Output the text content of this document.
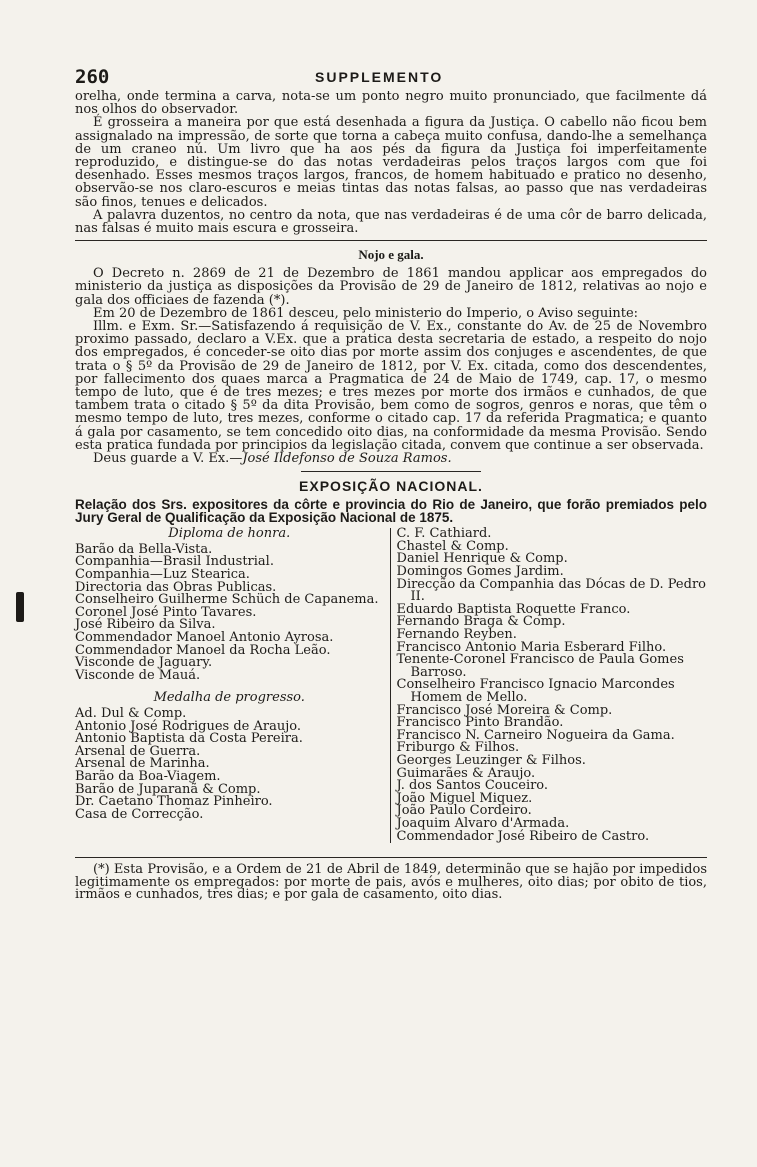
260	SUPPLEMENTO

orelha, onde termina a carva, nota-se um ponto negro muito pronunciado, que facilmente dá nos olhos do observador.

É grosseira a maneira por que está desenhada a figura da Justiça. O cabello não ficou bem assignalado na impressão, de sorte que torna a cabeça muito confusa, dando-lhe a semelhança de um craneo nú. Um livro que ha aos pés da figura da Justiça foi imperfeitamente reproduzido, e distingue-se do das notas verdadeiras pelos traços largos com que foi desenhado. Esses mesmos traços largos, francos, de homem habituado e pratico no desenho, observão-se nos claro-escuros e meias tintas das notas falsas, ao passo que nas verdadeiras são finos, tenues e delicados.

A palavra duzentos, no centro da nota, que nas verdadeiras é de uma côr de barro delicada, nas falsas é muito mais escura e grosseira.

Nojo e gala.

O Decreto n. 2869 de 21 de Dezembro de 1861 mandou applicar aos empregados do ministerio da justiça as disposições da Provisão de 29 de Janeiro de 1812, relativas ao nojo e gala dos officiaes de fazenda (*).

Em 20 de Dezembro de 1861 desceu, pelo ministerio do Imperio, o Aviso seguinte:

Illm. e Exm. Sr.—Satisfazendo á requisição de V. Ex., constante do Av. de 25 de Novembro proximo passado, declaro a V.Ex. que a pratica desta secretaria de estado, a respeito do nojo dos empregados, é conceder-se oito dias por morte assim dos conjuges e ascendentes, de que trata o § 5º da Provisão de 29 de Janeiro de 1812, por V. Ex. citada, como dos descendentes, por fallecimento dos quaes marca a Pragmatica de 24 de Maio de 1749, cap. 17, o mesmo tempo de luto, que é de tres mezes; e tres mezes por morte dos irmãos e cunhados, de que tambem trata o citado § 5º da dita Provisão, bem como de sogros, genros e noras, que têm o mesmo tempo de luto, tres mezes, conforme o citado cap. 17 da referida Pragmatica; e quanto á gala por casamento, se tem concedido oito dias, na conformidade da mesma Provisão. Sendo esta pratica fundada por principios da legislação citada, convem que continue a ser observada.

Deus guarde a V. Ex.—José Ildefonso de Souza Ramos.

EXPOSIÇÃO NACIONAL.
Relação dos Srs. expositores da côrte e provincia do Rio de Janeiro, que forão premiados pelo Jury Geral de Qualificação da Exposição Nacional de 1875.
Diploma de honra.
Barão da Bella-Vista.
Companhia—Brasil Industrial.
Companhia—Luz Stearica.
Directoria das Obras Publicas.
Conselheiro Guilherme Schüch de Capanema.
Coronel José Pinto Tavares.
José Ribeiro da Silva.
Commendador Manoel Antonio Ayrosa.
Commendador Manoel da Rocha Leão.
Visconde de Jaguary.
Visconde de Mauá.
Medalha de progresso.
Ad. Dul & Comp.
Antonio José Rodrigues de Araujo.
Antonio Baptista da Costa Pereira.
Arsenal de Guerra.
Arsenal de Marinha.
Barão da Boa-Viagem.
Barão de Juparanã & Comp.
Dr. Caetano Thomaz Pinheiro.
Casa de Correcção.
C. F. Cathiard.
Chastel & Comp.
Daniel Henrique & Comp.
Domingos Gomes Jardim.
Direcção da Companhia das Dócas de D. Pedro II.
Eduardo Baptista Roquette Franco.
Fernando Braga & Comp.
Fernando Reyben.
Francisco Antonio Maria Esberard Filho.
Tenente-Coronel Francisco de Paula Gomes Barroso.
Conselheiro Francisco Ignacio Marcondes Homem de Mello.
Francisco José Moreira & Comp.
Francisco Pinto Brandão.
Francisco N. Carneiro Nogueira da Gama.
Friburgo & Filhos.
Georges Leuzinger & Filhos.
Guimarães & Araujo.
J. dos Santos Couceiro.
João Miguel Miquez.
João Paulo Cordeiro.
Joaquim Alvaro d'Armada.
Commendador José Ribeiro de Castro.

(*) Esta Provisão, e a Ordem de 21 de Abril de 1849, determinão que se hajão por impedidos legitimamente os empregados: por morte de pais, avós e mulheres, oito dias; por obito de tios, irmãos e cunhados, tres dias; e por gala de casamento, oito dias.
